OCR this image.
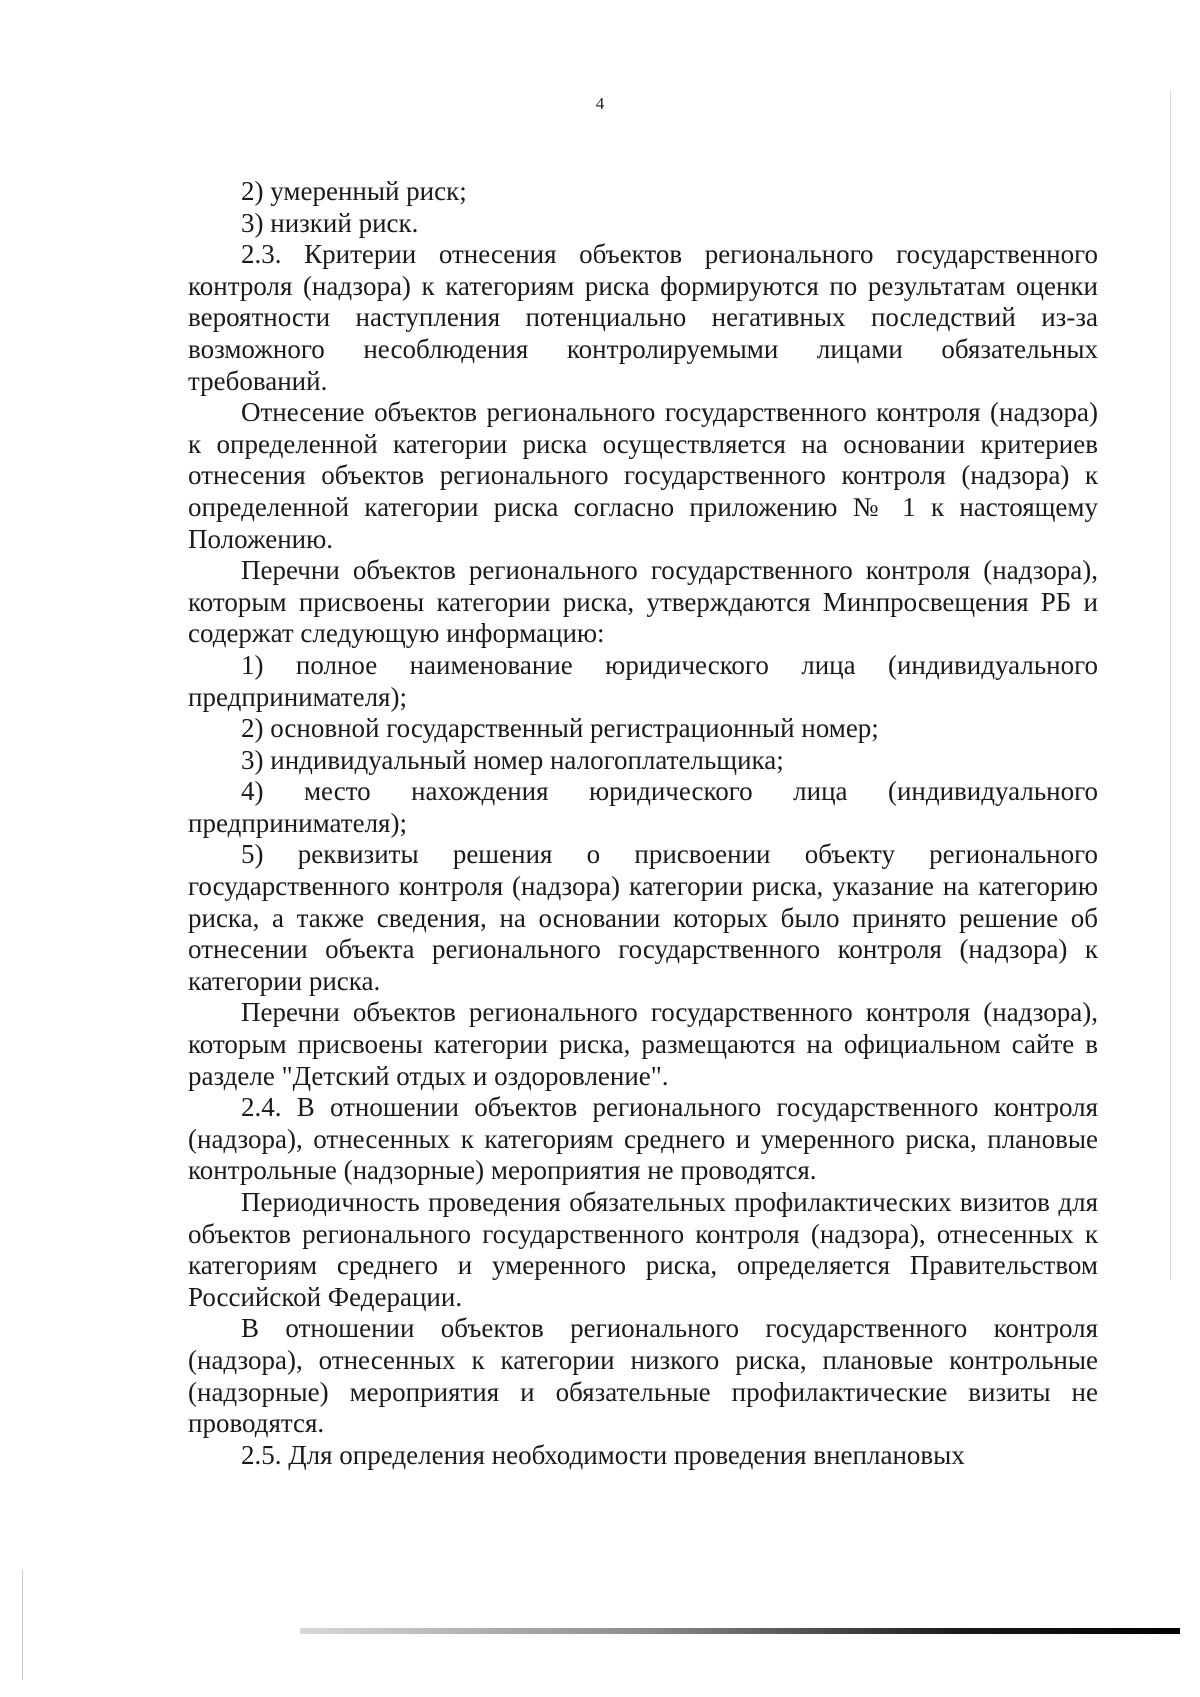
4

2) умеренный риск;

3) низкий риск.

2.3. Критерии отнесения объектов регионального государственного контроля (надзора) к категориям риска формируются по результатам оценки вероятности наступления потенциально негативных последствий из-за возможного несоблюдения контролируемыми лицами обязательных требований.

Отнесение объектов регионального государственного контроля (надзора) к определенной категории риска осуществляется на основании критериев отнесения объектов регионального государственного контроля (надзора) к определенной категории риска согласно приложению № 1 к настоящему Положению.

Перечни объектов регионального государственного контроля (надзора), которым присвоены категории риска, утверждаются Минпросвещения РБ и содержат следующую информацию:

1) полное наименование юридического лица (индивидуального предпринимателя);

2) основной государственный регистрационный номер;

3) индивидуальный номер налогоплательщика;

4) место нахождения юридического лица (индивидуального предпринимателя);

5) реквизиты решения о присвоении объекту регионального государственного контроля (надзора) категории риска, указание на категорию риска, а также сведения, на основании которых было принято решение об отнесении объекта регионального государственного контроля (надзора) к категории риска.

Перечни объектов регионального государственного контроля (надзора), которым присвоены категории риска, размещаются на официальном сайте в разделе "Детский отдых и оздоровление".

2.4. В отношении объектов регионального государственного контроля (надзора), отнесенных к категориям среднего и умеренного риска, плановые контрольные (надзорные) мероприятия не проводятся.

Периодичность проведения обязательных профилактических визитов для объектов регионального государственного контроля (надзора), отнесенных к категориям среднего и умеренного риска, определяется Правительством Российской Федерации.

В отношении объектов регионального государственного контроля (надзора), отнесенных к категории низкого риска, плановые контрольные (надзорные) мероприятия и обязательные профилактические визиты не проводятся.

2.5. Для определения необходимости проведения внеплановых
